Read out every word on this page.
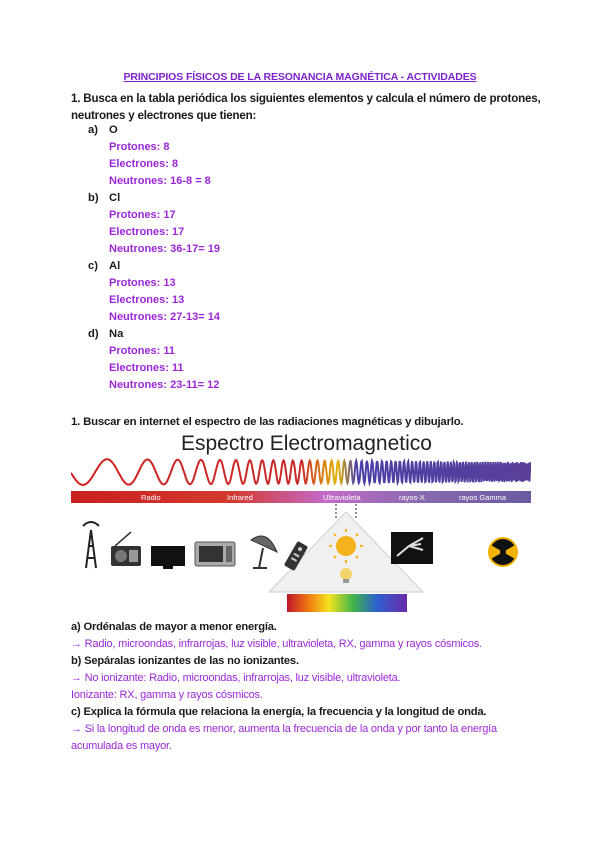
PRINCIPIOS FÍSICOS DE LA RESONANCIA MAGNÉTICA - ACTIVIDADES
1. Busca en la tabla periódica los siguientes elementos y calcula el número de protones, neutrones y electrones que tienen:
a) O
Protones: 8
Electrones: 8
Neutrones: 16-8 = 8
b) Cl
Protones: 17
Electrones: 17
Neutrones: 36-17= 19
c) Al
Protones: 13
Electrones: 13
Neutrones: 27-13= 14
d) Na
Protones: 11
Electrones: 11
Neutrones: 23-11= 12
1. Buscar en internet el espectro de las radiaciones magnéticas y dibujarlo.
Espectro Electromagnetico
Radio	Infrared	Ultravioleta	rayos-X	rayos Gamma
a) Ordénalas de mayor a menor energía.
→ Radio, microondas, infrarrojas, luz visible, ultravioleta, RX, gamma y rayos cósmicos.
b) Sepáralas ionizantes de las no ionizantes.
→ No ionizante: Radio, microondas, infrarrojas, luz visible, ultravioleta.
Ionizante: RX, gamma y rayos cósmicos.
c) Explica la fórmula que relaciona la energía, la frecuencia y la longitud de onda.
→ Si la longitud de onda es menor, aumenta la frecuencia de la onda y por tanto la energía
acumulada es mayor.
